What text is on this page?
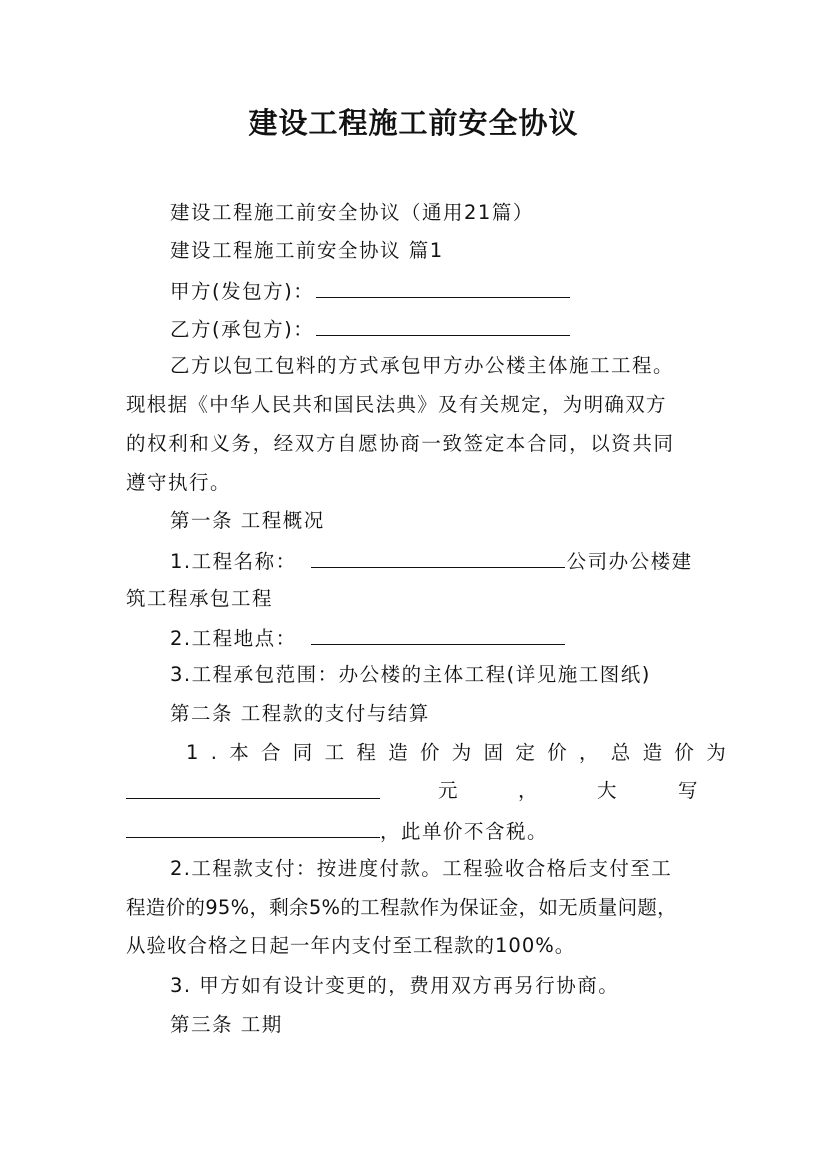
建设工程施工前安全协议
建设工程施工前安全协议（通用21篇）
建设工程施工前安全协议 篇1
甲方(发包方)：
乙方(承包方)：
乙方以包工包料的方式承包甲方办公楼主体施工工程。
现根据《中华人民共和国民法典》及有关规定，为明确双方
的权利和义务，经双方自愿协商一致签定本合同，以资共同
遵守执行。
第一条 工程概况
1.工程名称：	公司办公楼建
筑工程承包工程
2.工程地点：
3.工程承包范围：办公楼的主体工程(详见施工图纸)
第二条 工程款的支付与结算
1.本合同工程造价为固定价，总造价为
元	，	大	写
，此单价不含税。
2.工程款支付：按进度付款。工程验收合格后支付至工
程造价的95%，剩余5%的工程款作为保证金，如无质量问题，
从验收合格之日起一年内支付至工程款的100%。
3. 甲方如有设计变更的，费用双方再另行协商。
第三条 工期
